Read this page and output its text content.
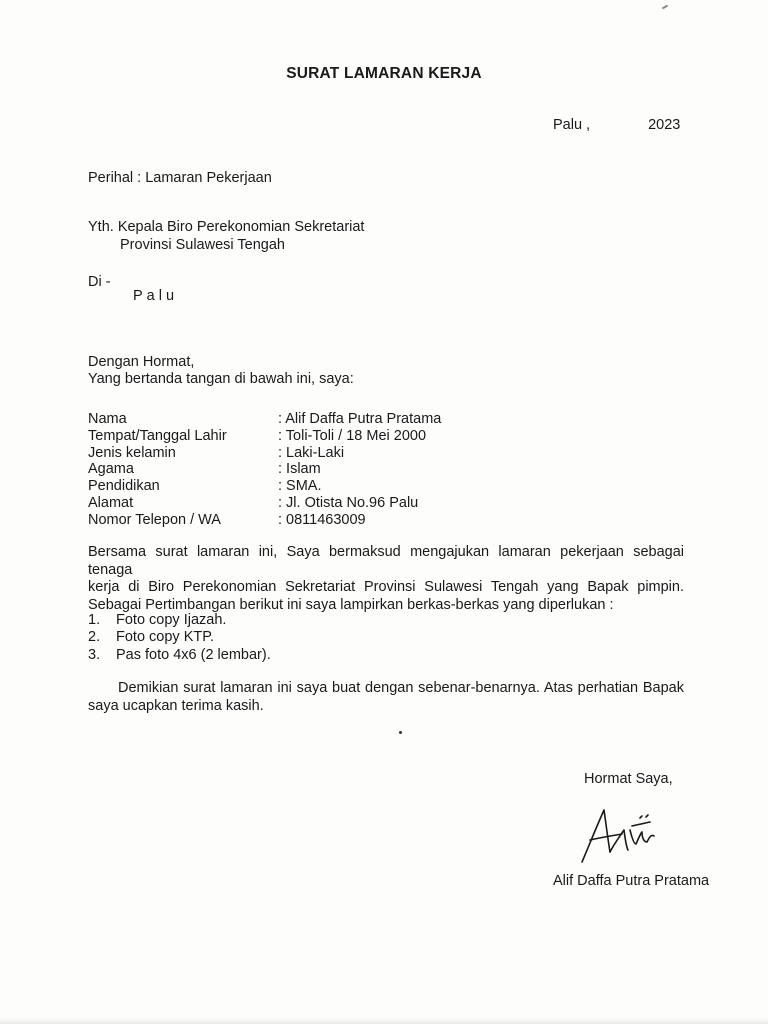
SURAT LAMARAN KERJA
Palu ,	2023
Perihal : Lamaran Pekerjaan
Yth. Kepala Biro Perekonomian Sekretariat
Provinsi Sulawesi Tengah
Di -
Palu
Dengan Hormat,
Yang bertanda tangan di bawah ini, saya:
Nama	: Alif Daffa Putra Pratama
Tempat/Tanggal Lahir	: Toli-Toli / 18 Mei 2000
Jenis kelamin	: Laki-Laki
Agama	: Islam
Pendidikan	: SMA.
Alamat	: Jl. Otista No.96 Palu
Nomor Telepon / WA	: 0811463009
Bersama surat lamaran ini, Saya bermaksud mengajukan lamaran pekerjaan sebagai tenaga
kerja di Biro Perekonomian Sekretariat Provinsi Sulawesi Tengah yang Bapak pimpin.
Sebagai Pertimbangan berikut ini saya lampirkan berkas-berkas yang diperlukan :
1.	Foto copy Ijazah.
2.	Foto copy KTP.
3.	Pas foto 4x6 (2 lembar).
Demikian surat lamaran ini saya buat dengan sebenar-benarnya. Atas perhatian Bapak
saya ucapkan terima kasih.
Hormat Saya,
Alif Daffa Putra Pratama
